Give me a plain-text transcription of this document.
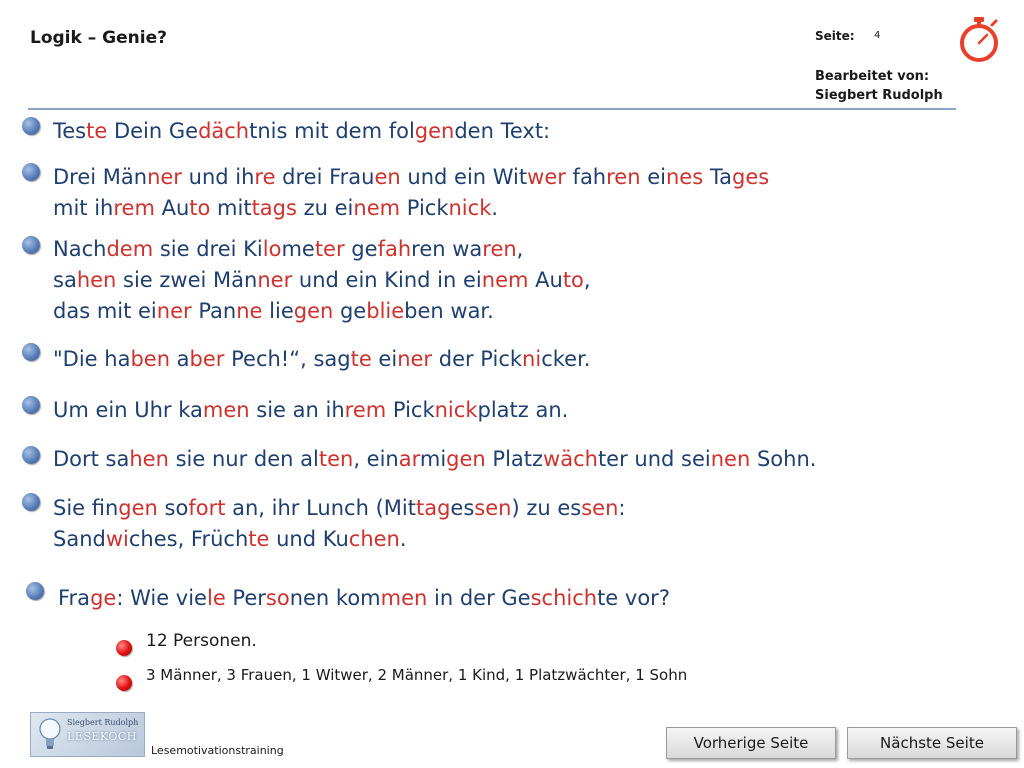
Logik – Genie?	Seite: 4
Bearbeitet von:
Siegbert Rudolph
Teste Dein Gedächtnis mit dem folgenden Text:
Drei Männer und ihre drei Frauen und ein Witwer fahren eines Tages
mit ihrem Auto mittags zu einem Picknick.
Nachdem sie drei Kilometer gefahren waren,
sahen sie zwei Männer und ein Kind in einem Auto,
das mit einer Panne liegen geblieben war.
"Die haben aber Pech!“, sagte einer der Picknicker.
Um ein Uhr kamen sie an ihrem Picknickplatz an.
Dort sahen sie nur den alten, einarmigen Platzwächter und seinen Sohn.
Sie fingen sofort an, ihr Lunch (Mittagessen) zu essen:
Sandwiches, Früchte und Kuchen.
Frage: Wie viele Personen kommen in der Geschichte vor?
12 Personen.
3 Männer, 3 Frauen, 1 Witwer, 2 Männer, 1 Kind, 1 Platzwächter, 1 Sohn
Siegbert Rudolph
LESEKOCH
Lesemotivationstraining	Vorherige Seite	Nächste Seite
